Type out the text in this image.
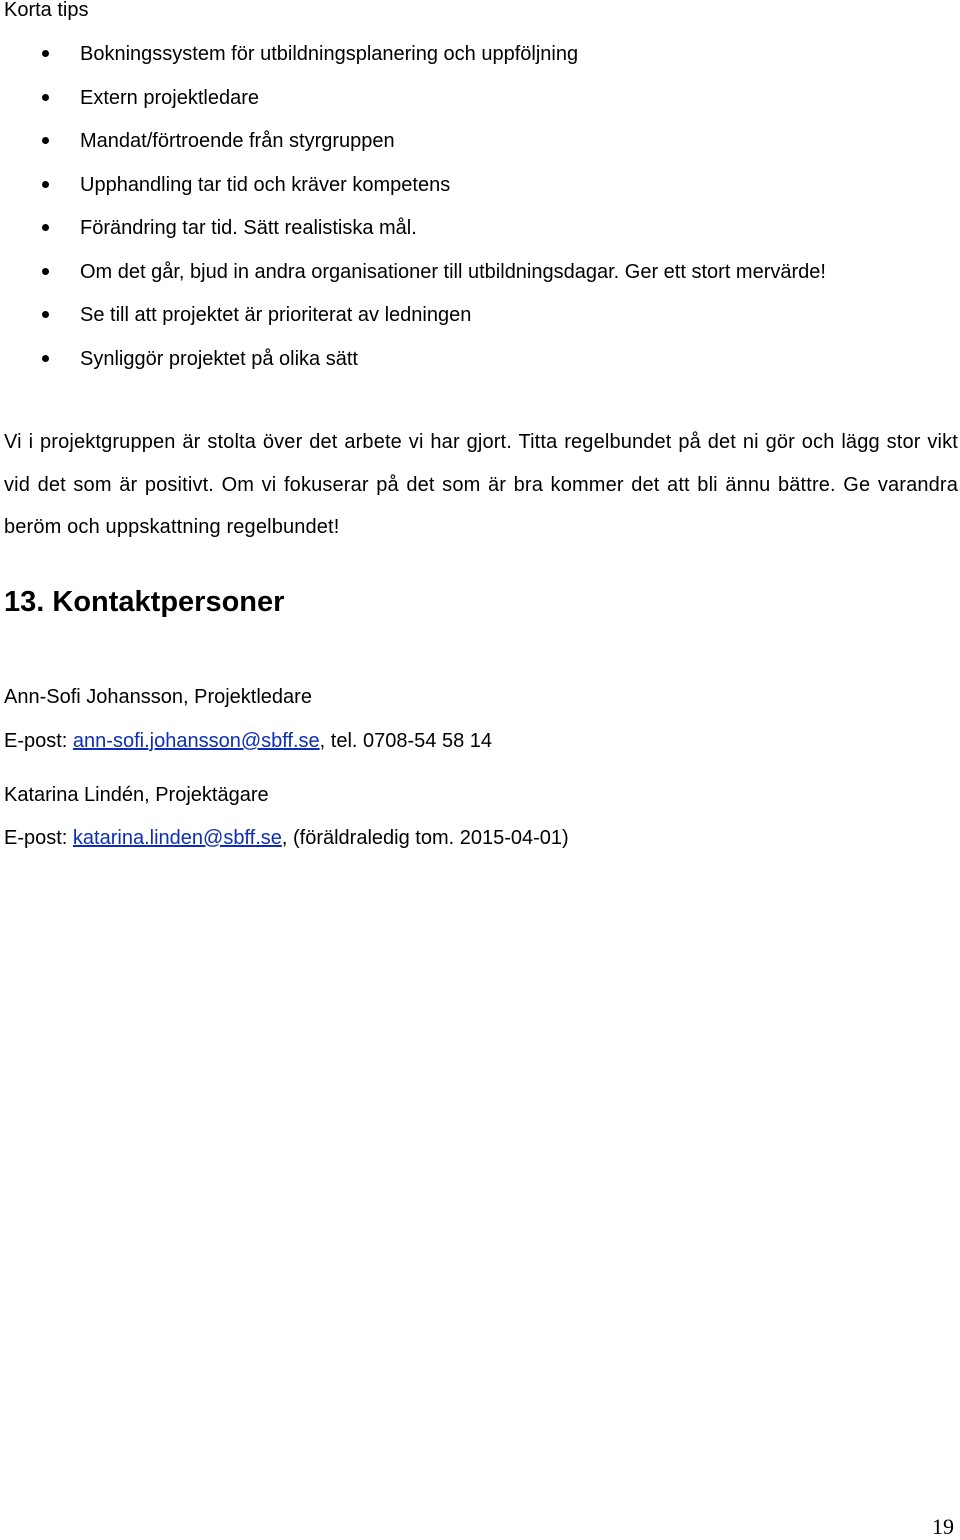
Korta tips
Bokningssystem för utbildningsplanering och uppföljning
Extern projektledare
Mandat/förtroende från styrgruppen
Upphandling tar tid och kräver kompetens
Förändring tar tid. Sätt realistiska mål.
Om det går, bjud in andra organisationer till utbildningsdagar. Ger ett stort mervärde!
Se till att projektet är prioriterat av ledningen
Synliggör projektet på olika sätt
Vi i projektgruppen är stolta över det arbete vi har gjort. Titta regelbundet på det ni gör och lägg stor vikt vid det som är positivt. Om vi fokuserar på det som är bra kommer det att bli ännu bättre. Ge varandra beröm och uppskattning regelbundet!
13. Kontaktpersoner
Ann-Sofi Johansson, Projektledare
E-post: ann-sofi.johansson@sbff.se, tel. 0708-54 58 14
Katarina Lindén, Projektägare
E-post: katarina.linden@sbff.se, (föräldraledig tom. 2015-04-01)
19
